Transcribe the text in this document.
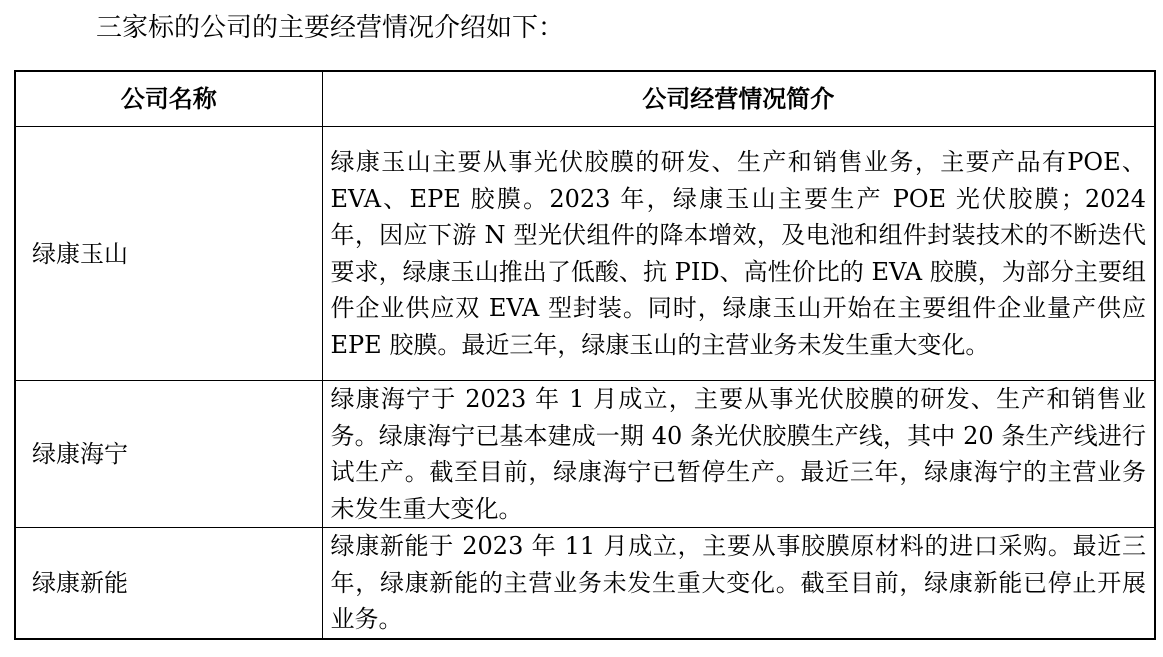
三家标的公司的主要经营情况介绍如下：
公司名称	公司经营情况简介
绿康玉山	绿康玉山主要从事光伏胶膜的研发、生产和销售业务，主要产品有POE、EVA、EPE 胶膜。2023 年，绿康玉山主要生产 POE 光伏胶膜；2024 年，因应下游 N 型光伏组件的降本增效，及电池和组件封装技术的不断迭代要求，绿康玉山推出了低酸、抗 PID、高性价比的 EVA 胶膜，为部分主要组件企业供应双 EVA 型封装。同时，绿康玉山开始在主要组件企业量产供应 EPE 胶膜。最近三年，绿康玉山的主营业务未发生重大变化。

绿康海宁	绿康海宁于 2023 年 1 月成立，主要从事光伏胶膜的研发、生产和销售业务。绿康海宁已基本建成一期 40 条光伏胶膜生产线，其中 20 条生产线进行试生产。截至目前，绿康海宁已暂停生产。最近三年，绿康海宁的主营业务未发生重大变化。

绿康新能	绿康新能于 2023 年 11 月成立，主要从事胶膜原材料的进口采购。最近三年，绿康新能的主营业务未发生重大变化。截至目前，绿康新能已停止开展业务。
